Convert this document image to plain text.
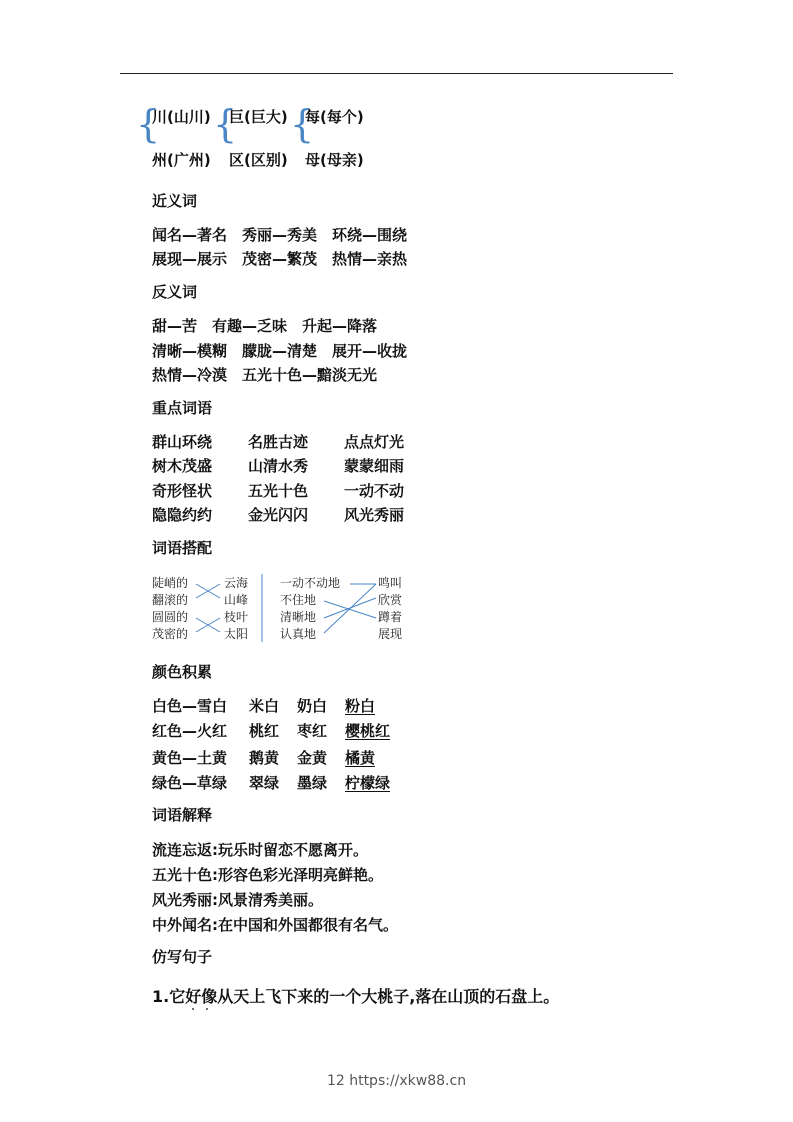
{ { {
川(山川) 巨(巨大) 每(每个)
州(广州) 区(区别) 母(母亲)
近义词
闻名—著名　秀丽—秀美　环绕—围绕
展现—展示　茂密—繁茂　热情—亲热
反义词
甜—苦　有趣—乏味　升起—降落
清晰—模糊　朦胧—清楚　展开—收拢
热情—冷漠　五光十色—黯淡无光
重点词语
群山环绕 名胜古迹 点点灯光
树木茂盛 山清水秀 蒙蒙细雨
奇形怪状 五光十色 一动不动
隐隐约约 金光闪闪 风光秀丽
词语搭配
陡峭的
翻滚的
圆圆的
茂密的
云海
山峰
枝叶
太阳
一动不动地
不住地
清晰地
认真地
鸣叫
欣赏
蹲着
展现
颜色积累
白色—雪白 米白 奶白 粉白
红色—火红 桃红 枣红 樱桃红
黄色—土黄 鹅黄 金黄 橘黄
绿色—草绿 翠绿 墨绿 柠檬绿
词语解释
流连忘返:玩乐时留恋不愿离开。
五光十色:形容色彩光泽明亮鲜艳。
风光秀丽:风景清秀美丽。
中外闻名:在中国和外国都很有名气。
仿写句子
1.它好像从天上飞下来的一个大桃子,落在山顶的石盘上。
12 https://xkw88.cn
